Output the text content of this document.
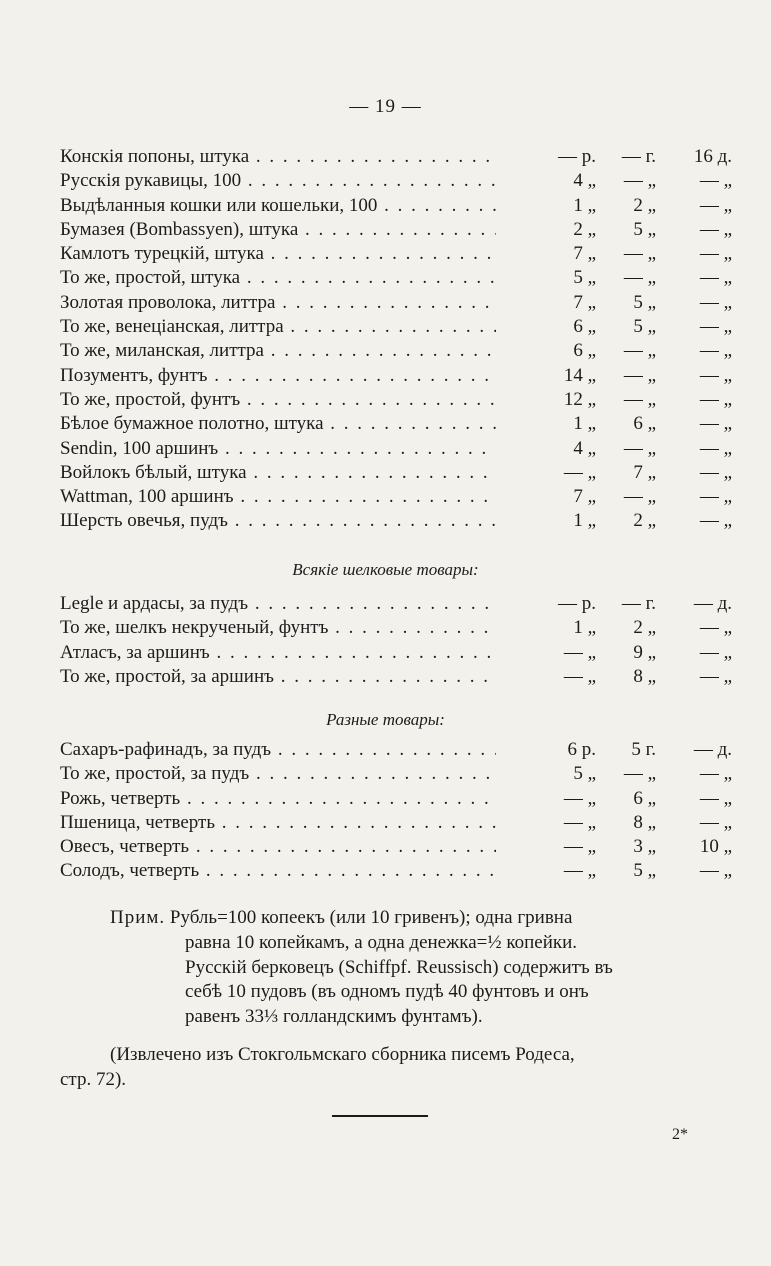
— 19 —
Конскія попоны, штука . . .	— р.	— г.	16 д.
Русскія рукавицы, 100 . . .	4 „	— „	— „
Выдѣланныя кошки или кошельки, 100 . . .	1 „	2 „	— „
Бумазея (Bombassyen), штука . . .	2 „	5 „	— „
Камлотъ турецкій, штука . . .	7 „	— „	— „
То же, простой, штука . . .	5 „	— „	— „
Золотая проволока, литтра . . .	7 „	5 „	— „
То же, венеціанская, литтра . . .	6 „	5 „	— „
То же, миланская, литтра . . .	6 „	— „	— „
Позументъ, фунтъ . . .	14 „	— „	— „
То же, простой, фунтъ . . .	12 „	— „	— „
Бѣлое бумажное полотно, штука . . .	1 „	6 „	— „
Sendin, 100 аршинъ . . .	4 „	— „	— „
Войлокъ бѣлый, штука . . .	— „	7 „	— „
Wattman, 100 аршинъ . . .	7 „	— „	— „
Шерсть овечья, пудъ . . .	1 „	2 „	— „
Всякіе шелковые товары:
Legle и ардасы, за пудъ . . .	— р.	— г.	— д.
То же, шелкъ некрученый, фунтъ . . .	1 „	2 „	— „
Атласъ, за аршинъ . . .	— „	9 „	— „
То же, простой, за аршинъ . . .	— „	8 „	— „
Разные товары:
Сахаръ-рафинадъ, за пудъ . . .	6 р.	5 г.	— д.
То же, простой, за пудъ . . .	5 „	— „	— „
Рожь, четверть . . .	— „	6 „	— „
Пшеница, четверть . . .	— „	8 „	— „
Овесъ, четверть . . .	— „	3 „	10 „
Солодъ, четверть . . .	— „	5 „	— „
Прим. Рубль=100 копеекъ (или 10 гривенъ); одна гривна
равна 10 копейкамъ, а одна денежка=½ копейки.
Русскій берковецъ (Schiffpf. Reussisch) содержитъ въ
себѣ 10 пудовъ (въ одномъ пудѣ 40 фунтовъ и онъ
равенъ 33⅓ голландскимъ фунтамъ).
(Извлечено изъ Стокгольмскаго сборника писемъ Родеса,
стр. 72).
2*
